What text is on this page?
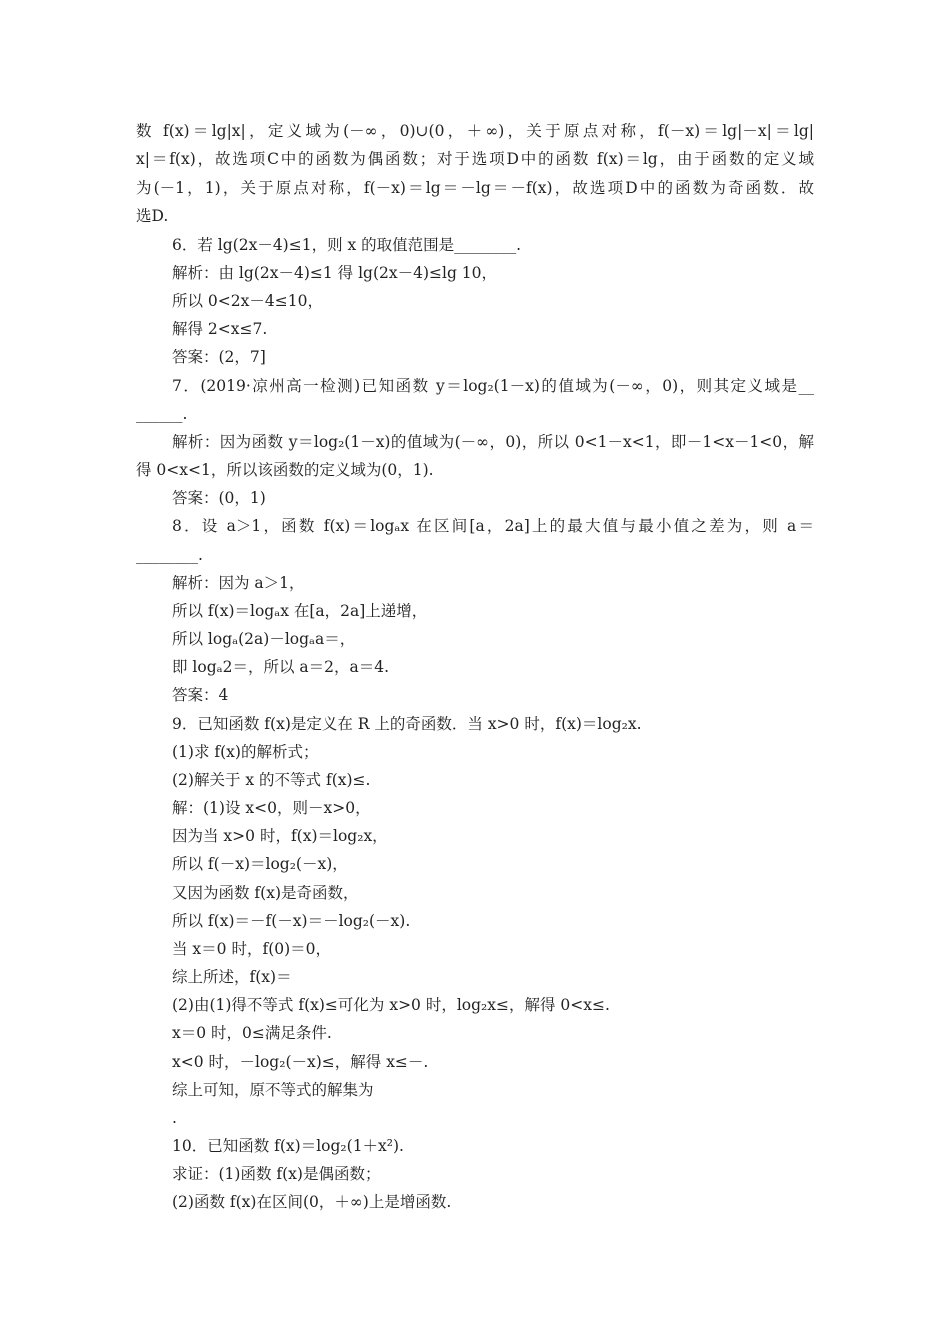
数 f(x)＝lg|x|，定义域为(－∞，0)∪(0，＋∞)，关于原点对称，f(－x)＝lg|－x|＝lg|
x|＝f(x)，故选项C中的函数为偶函数；对于选项D中的函数 f(x)＝lg，由于函数的定义域
为(－1，1)，关于原点对称，f(－x)＝lg＝－lg＝－f(x)，故选项D中的函数为奇函数．故
选D.
6．若 lg(2x－4)≤1，则 x 的取值范围是________.
解析：由 lg(2x－4)≤1 得 lg(2x－4)≤lg 10，
所以 0<2x－4≤10，
解得 2<x≤7.
答案：(2，7]
7．(2019·凉州高一检测)已知函数 y＝log₂(1－x)的值域为(－∞，0)，则其定义域是__
______.
解析：因为函数 y＝log₂(1－x)的值域为(－∞，0)，所以 0<1－x<1，即－1<x－1<0，解
得 0<x<1，所以该函数的定义域为(0，1).
答案：(0，1)
8．设 a＞1，函数 f(x)＝logₐx 在区间[a，2a]上的最大值与最小值之差为，则 a＝
________.
解析：因为 a＞1，
所以 f(x)＝logₐx 在[a，2a]上递增，
所以 logₐ(2a)－logₐa＝，
即 logₐ2＝，所以 a＝2，a＝4.
答案：4
9．已知函数 f(x)是定义在 R 上的奇函数．当 x>0 时，f(x)＝log₂x.
(1)求 f(x)的解析式；
(2)解关于 x 的不等式 f(x)≤.
解：(1)设 x<0，则－x>0，
因为当 x>0 时，f(x)＝log₂x，
所以 f(－x)＝log₂(－x)，
又因为函数 f(x)是奇函数，
所以 f(x)＝－f(－x)＝－log₂(－x).
当 x＝0 时，f(0)＝0，
综上所述，f(x)＝
(2)由(1)得不等式 f(x)≤可化为 x>0 时，log₂x≤，解得 0<x≤.
x＝0 时，0≤满足条件.
x<0 时，－log₂(－x)≤，解得 x≤－.
综上可知，原不等式的解集为
.
10．已知函数 f(x)＝log₂(1＋x²).
求证：(1)函数 f(x)是偶函数；
(2)函数 f(x)在区间(0，＋∞)上是增函数.
